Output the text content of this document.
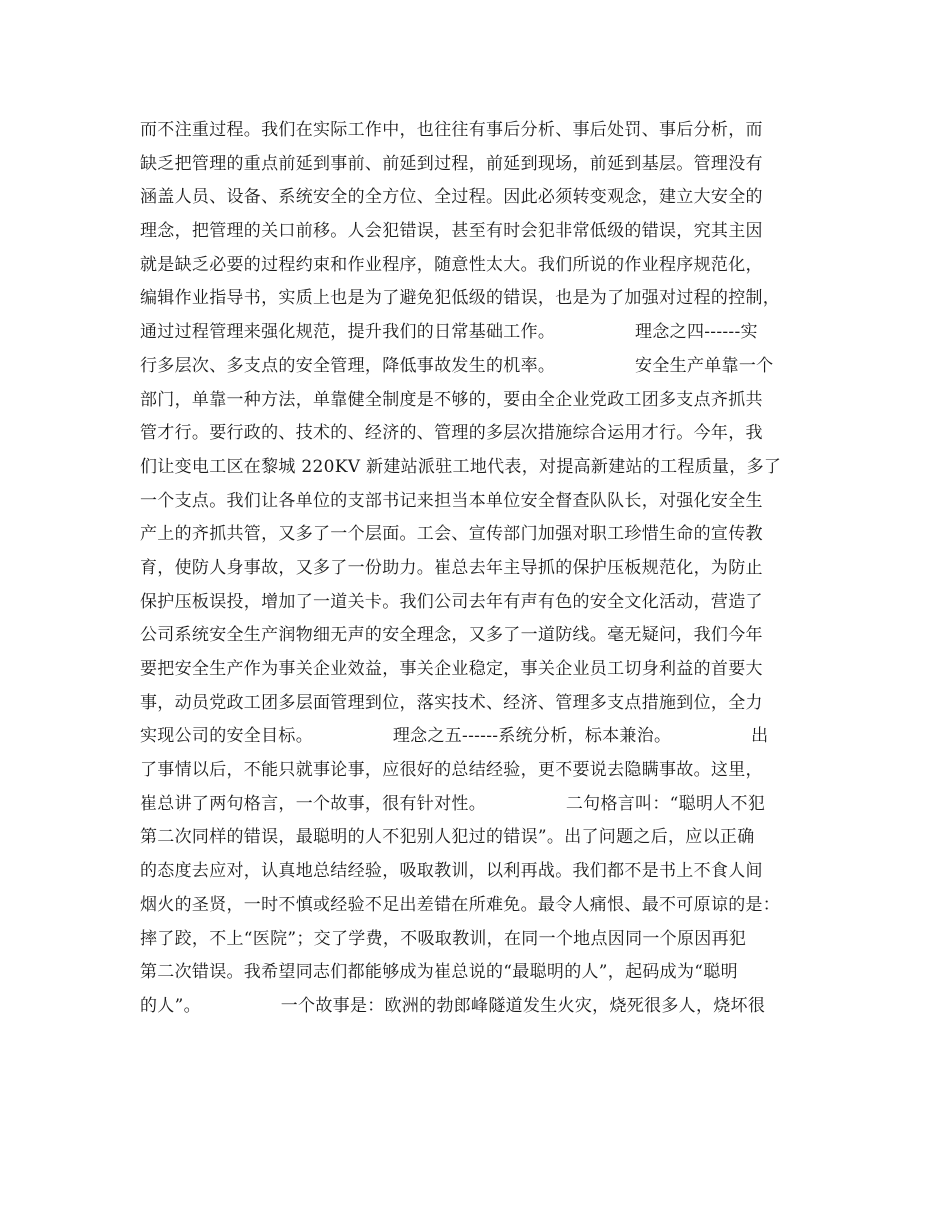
而不注重过程。我们在实际工作中，也往往有事后分析、事后处罚、事后分析，而
缺乏把管理的重点前延到事前、前延到过程，前延到现场，前延到基层。管理没有
涵盖人员、设备、系统安全的全方位、全过程。因此必须转变观念，建立大安全的
理念，把管理的关口前移。人会犯错误，甚至有时会犯非常低级的错误，究其主因
就是缺乏必要的过程约束和作业程序，随意性太大。我们所说的作业程序规范化，
编辑作业指导书，实质上也是为了避免犯低级的错误，也是为了加强对过程的控制，
通过过程管理来强化规范，提升我们的日常基础工作。              理念之四------实
行多层次、多支点的安全管理，降低事故发生的机率。              安全生产单靠一个
部门，单靠一种方法，单靠健全制度是不够的，要由全企业党政工团多支点齐抓共
管才行。要行政的、技术的、经济的、管理的多层次措施综合运用才行。今年，我
们让变电工区在黎城 220KV 新建站派驻工地代表，对提高新建站的工程质量，多了
一个支点。我们让各单位的支部书记来担当本单位安全督查队队长，对强化安全生
产上的齐抓共管，又多了一个层面。工会、宣传部门加强对职工珍惜生命的宣传教
育，使防人身事故，又多了一份助力。崔总去年主导抓的保护压板规范化，为防止
保护压板误投，增加了一道关卡。我们公司去年有声有色的安全文化活动，营造了
公司系统安全生产润物细无声的安全理念，又多了一道防线。毫无疑问，我们今年
要把安全生产作为事关企业效益，事关企业稳定，事关企业员工切身利益的首要大
事，动员党政工团多层面管理到位，落实技术、经济、管理多支点措施到位，全力
实现公司的安全目标。              理念之五------系统分析，标本兼治。              出
了事情以后，不能只就事论事，应很好的总结经验，更不要说去隐瞒事故。这里，
崔总讲了两句格言，一个故事，很有针对性。              二句格言叫：“聪明人不犯
第二次同样的错误，最聪明的人不犯别人犯过的错误”。出了问题之后，应以正确
的态度去应对，认真地总结经验，吸取教训，以利再战。我们都不是书上不食人间
烟火的圣贤，一时不慎或经验不足出差错在所难免。最令人痛恨、最不可原谅的是：
摔了跤，不上“医院”；交了学费，不吸取教训，在同一个地点因同一个原因再犯
第二次错误。我希望同志们都能够成为崔总说的“最聪明的人”，起码成为“聪明
的人”。              一个故事是：欧洲的勃郎峰隧道发生火灾，烧死很多人，烧坏很
